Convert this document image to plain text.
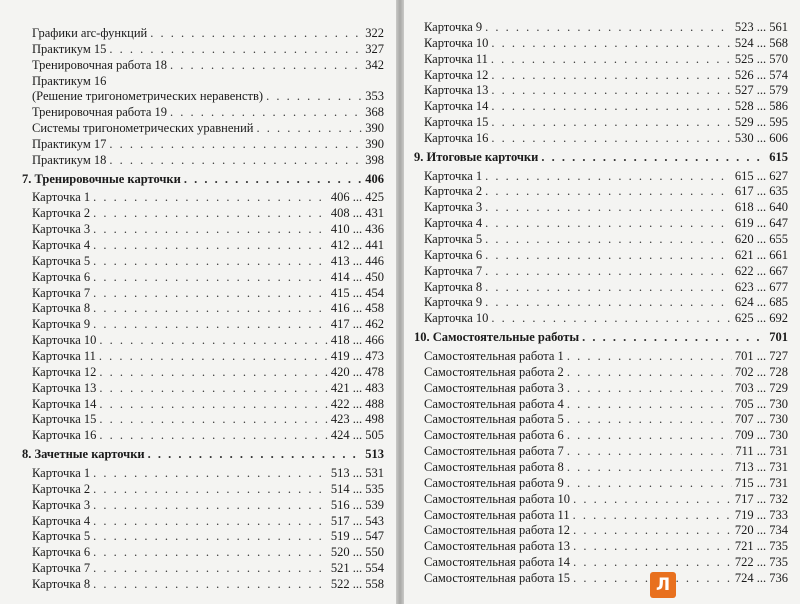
Графики arc-функций . . .	322
Практикум 15 . . .	327
Тренировочная работа 18 . . .	342
Практикум 16
(Решение тригонометрических неравенств) . . .	353
Тренировочная работа 19 . . .	368
Системы тригонометрических уравнений . . .	390
Практикум 17 . . .	390
Практикум 18 . . .	398
7. Тренировочные карточки . . .	406
Карточка 1 . . .	406 ... 425
Карточка 2 . . .	408 ... 431
Карточка 3 . . .	410 ... 436
Карточка 4 . . .	412 ... 441
Карточка 5 . . .	413 ... 446
Карточка 6 . . .	414 ... 450
Карточка 7 . . .	415 ... 454
Карточка 8 . . .	416 ... 458
Карточка 9 . . .	417 ... 462
Карточка 10 . . .	418 ... 466
Карточка 11 . . .	419 ... 473
Карточка 12 . . .	420 ... 478
Карточка 13 . . .	421 ... 483
Карточка 14 . . .	422 ... 488
Карточка 15 . . .	423 ... 498
Карточка 16 . . .	424 ... 505
8. Зачетные карточки . . .	513
Карточка 1 . . .	513 ... 531
Карточка 2 . . .	514 ... 535
Карточка 3 . . .	516 ... 539
Карточка 4 . . .	517 ... 543
Карточка 5 . . .	519 ... 547
Карточка 6 . . .	520 ... 550
Карточка 7 . . .	521 ... 554
Карточка 8 . . .	522 ... 558
Карточка 9 . . .	523 ... 561
Карточка 10 . . .	524 ... 568
Карточка 11 . . .	525 ... 570
Карточка 12 . . .	526 ... 574
Карточка 13 . . .	527 ... 579
Карточка 14 . . .	528 ... 586
Карточка 15 . . .	529 ... 595
Карточка 16 . . .	530 ... 606
9. Итоговые карточки . . .	615
Карточка 1 . . .	615 ... 627
Карточка 2 . . .	617 ... 635
Карточка 3 . . .	618 ... 640
Карточка 4 . . .	619 ... 647
Карточка 5 . . .	620 ... 655
Карточка 6 . . .	621 ... 661
Карточка 7 . . .	622 ... 667
Карточка 8 . . .	623 ... 677
Карточка 9 . . .	624 ... 685
Карточка 10 . . .	625 ... 692
10. Самостоятельные работы . . .	701
Самостоятельная работа 1 . . .	701 ... 727
Самостоятельная работа 2 . . .	702 ... 728
Самостоятельная работа 3 . . .	703 ... 729
Самостоятельная работа 4 . . .	705 ... 730
Самостоятельная работа 5 . . .	707 ... 730
Самостоятельная работа 6 . . .	709 ... 730
Самостоятельная работа 7 . . .	711 ... 731
Самостоятельная работа 8 . . .	713 ... 731
Самостоятельная работа 9 . . .	715 ... 731
Самостоятельная работа 10 . . .	717 ... 732
Самостоятельная работа 11 . . .	719 ... 733
Самостоятельная работа 12 . . .	720 ... 734
Самостоятельная работа 13 . . .	721 ... 735
Самостоятельная работа 14 . . .	722 ... 735
Самостоятельная работа 15 . . .	724 ... 736
Л
